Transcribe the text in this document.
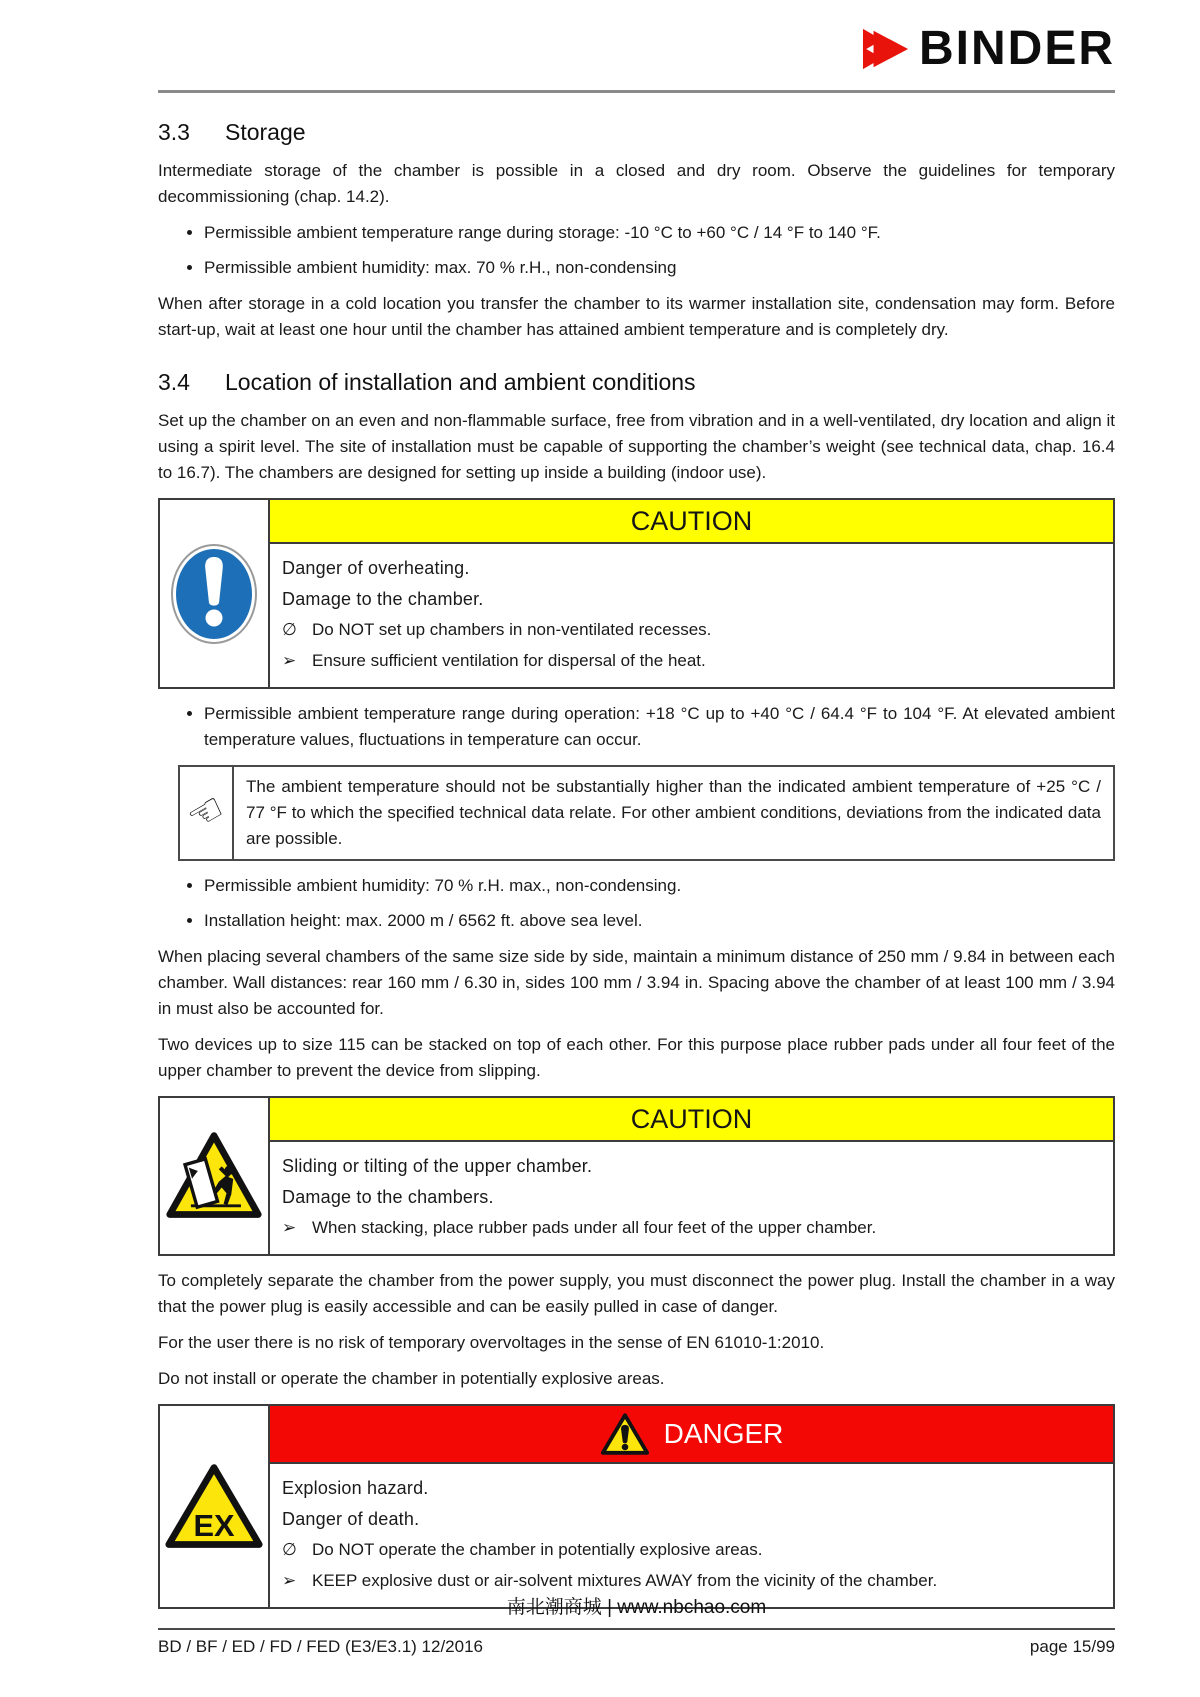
BINDER
3.3	Storage

Intermediate storage of the chamber is possible in a closed and dry room. Observe the guidelines for temporary decommissioning (chap. 14.2).

• Permissible ambient temperature range during storage: -10 °C to +60 °C / 14 °F to 140 °F.
• Permissible ambient humidity: max. 70 % r.H., non-condensing

When after storage in a cold location you transfer the chamber to its warmer installation site, condensation may form. Before start-up, wait at least one hour until the chamber has attained ambient temperature and is completely dry.

3.4	Location of installation and ambient conditions

Set up the chamber on an even and non-flammable surface, free from vibration and in a well-ventilated, dry location and align it using a spirit level. The site of installation must be capable of supporting the chamber’s weight (see technical data, chap. 16.4 to 16.7). The chambers are designed for setting up inside a building (indoor use).

CAUTION

Danger of overheating.

Damage to the chamber.

∅ Do NOT set up chambers in non-ventilated recesses.

➢ Ensure sufficient ventilation for dispersal of the heat.

• Permissible ambient temperature range during operation: +18 °C up to +40 °C / 64.4 °F to 104 °F. At elevated ambient temperature values, fluctuations in temperature can occur.
☜ The ambient temperature should not be substantially higher than the indicated ambient temperature of +25 °C / 77 °F to which the specified technical data relate. For other ambient conditions, deviations from the indicated data are possible.
• Permissible ambient humidity: 70 % r.H. max., non-condensing.
• Installation height: max. 2000 m / 6562 ft. above sea level.

When placing several chambers of the same size side by side, maintain a minimum distance of 250 mm / 9.84 in between each chamber. Wall distances: rear 160 mm / 6.30 in, sides 100 mm / 3.94 in. Spacing above the chamber of at least 100 mm / 3.94 in must also be accounted for.

Two devices up to size 115 can be stacked on top of each other. For this purpose place rubber pads under all four feet of the upper chamber to prevent the device from slipping.

CAUTION

Sliding or tilting of the upper chamber.

Damage to the chambers.

➢ When stacking, place rubber pads under all four feet of the upper chamber.

To completely separate the chamber from the power supply, you must disconnect the power plug. Install the chamber in a way that the power plug is easily accessible and can be easily pulled in case of danger.

For the user there is no risk of temporary overvoltages in the sense of EN 61010-1:2010.

Do not install or operate the chamber in potentially explosive areas.

EX
DANGER

Explosion hazard.

Danger of death.

∅ Do NOT operate the chamber in potentially explosive areas.

➢ KEEP explosive dust or air-solvent mixtures AWAY from the vicinity of the chamber.

南北潮商城 | www.nbchao.com
BD / BF / ED / FD / FED (E3/E3.1) 12/2016	page 15/99
